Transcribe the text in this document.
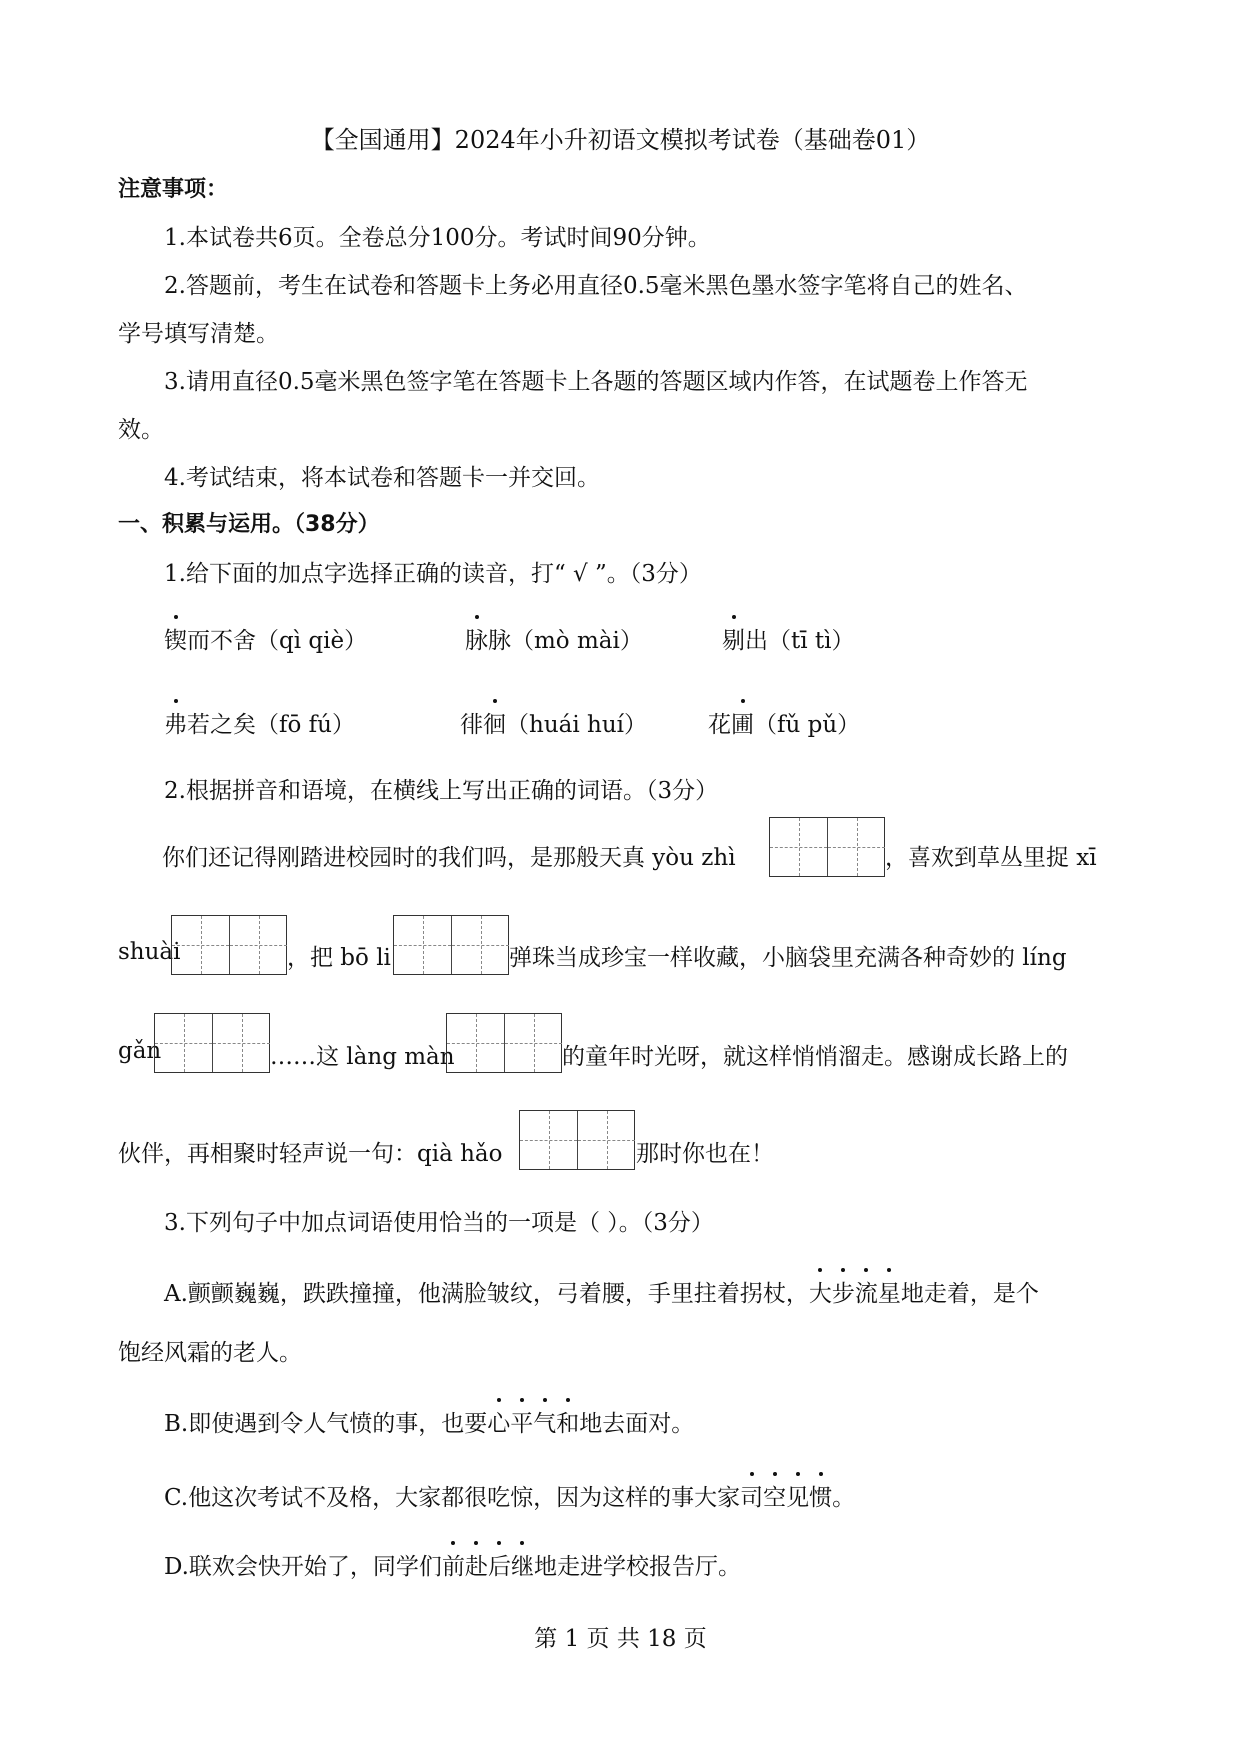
【全国通用】2024年小升初语文模拟考试卷（基础卷01）
注意事项：
1.本试卷共6页。全卷总分100分。考试时间90分钟。
2.答题前，考生在试卷和答题卡上务必用直径0.5毫米黑色墨水签字笔将自己的姓名、
学号填写清楚。
3.请用直径0.5毫米黑色签字笔在答题卡上各题的答题区域内作答，在试题卷上作答无
效。
4.考试结束，将本试卷和答题卡一并交回。
一、积累与运用。（38分）
1.给下面的加点字选择正确的读音，打“ √ ”。（3分）
锲而不舍（qì qiè）	脉脉（mò mài）	剔出（tī tì）
弗若之矣（fō fú）	徘徊（huái huí）	花圃（fǔ pǔ）
2.根据拼音和语境，在横线上写出正确的词语。（3分）
你们还记得刚踏进校园时的我们吗，是那般天真 yòu zhì	，喜欢到草丛里捉 xī
shuài	，把 bō li	弹珠当成珍宝一样收藏，小脑袋里充满各种奇妙的 líng
gǎn	……这 làng màn	的童年时光呀，就这样悄悄溜走。感谢成长路上的
伙伴，再相聚时轻声说一句：qià hǎo	那时你也在！
3.下列句子中加点词语使用恰当的一项是（ ）。（3分）
A.颤颤巍巍，跌跌撞撞，他满脸皱纹，弓着腰，手里拄着拐杖，大步流星地走着，是个
饱经风霜的老人。
B.即使遇到令人气愤的事，也要心平气和地去面对。
C.他这次考试不及格，大家都很吃惊，因为这样的事大家司空见惯。
D.联欢会快开始了，同学们前赴后继地走进学校报告厅。
第 1 页 共 18 页
